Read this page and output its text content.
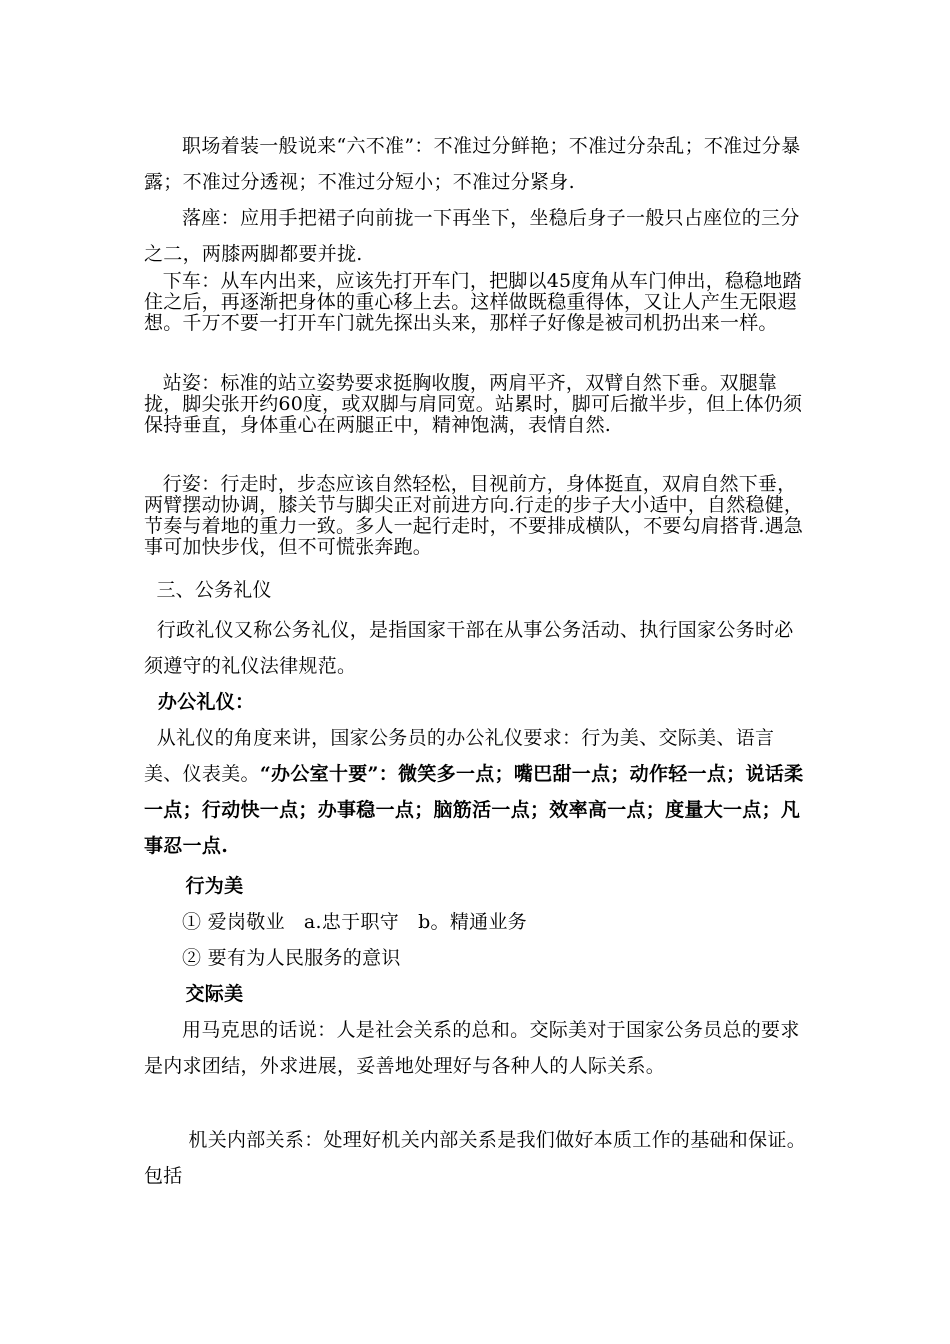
职场着装一般说来“六不准”：不准过分鲜艳；不准过分杂乱；不准过分暴露；不准过分透视；不准过分短小；不准过分紧身.

落座：应用手把裙子向前拢一下再坐下，坐稳后身子一般只占座位的三分之二，两膝两脚都要并拢.

下车：从车内出来，应该先打开车门，把脚以45度角从车门伸出，稳稳地踏住之后，再逐渐把身体的重心移上去。这样做既稳重得体，又让人产生无限遐想。千万不要一打开车门就先探出头来，那样子好像是被司机扔出来一样。

站姿：标准的站立姿势要求挺胸收腹，两肩平齐，双臂自然下垂。双腿靠拢，脚尖张开约60度，或双脚与肩同宽。站累时，脚可后撤半步，但上体仍须保持垂直，身体重心在两腿正中，精神饱满，表情自然.

行姿：行走时，步态应该自然轻松，目视前方，身体挺直，双肩自然下垂，两臂摆动协调，膝关节与脚尖正对前进方向.行走的步子大小适中，自然稳健，节奏与着地的重力一致。多人一起行走时，不要排成横队，不要勾肩搭背.遇急事可加快步伐，但不可慌张奔跑。

三、公务礼仪

行政礼仪又称公务礼仪，是指国家干部在从事公务活动、执行国家公务时必须遵守的礼仪法律规范。

办公礼仪：

从礼仪的角度来讲，国家公务员的办公礼仪要求：行为美、交际美、语言美、仪表美。“办公室十要”：微笑多一点；嘴巴甜一点；动作轻一点；说话柔一点；行动快一点；办事稳一点；脑筋活一点；效率高一点；度量大一点；凡事忍一点.

行为美

① 爱岗敬业   a.忠于职守   b。精通业务

② 要有为人民服务的意识

交际美

用马克思的话说：人是社会关系的总和。交际美对于国家公务员总的要求是内求团结，外求进展，妥善地处理好与各种人的人际关系。

机关内部关系：处理好机关内部关系是我们做好本质工作的基础和保证。包括
